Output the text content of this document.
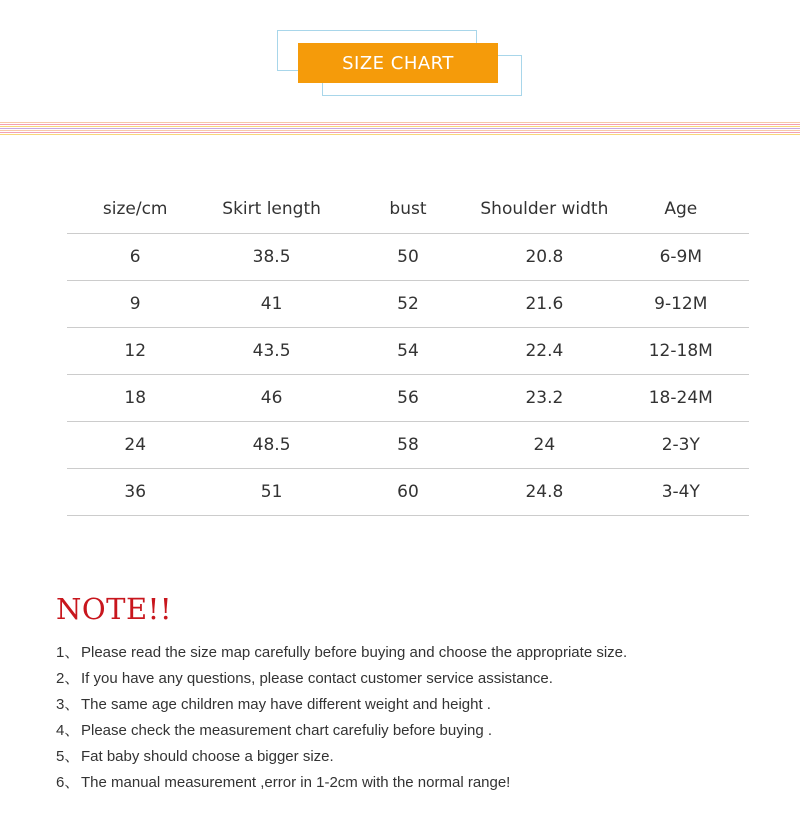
SIZE CHART
size/cm	Skirt length	bust	Shoulder width	Age
6	38.5	50	20.8	6-9M
9	41	52	21.6	9-12M
12	43.5	54	22.4	12-18M
18	46	56	23.2	18-24M
24	48.5	58	24	2-3Y
36	51	60	24.8	3-4Y
NOTE!!
1、 Please read the size map carefully before buying and choose the appropriate size.
2、 If you have any questions, please contact customer service assistance.
3、 The same age children may have different weight and height .
4、 Please check the measurement chart carefuliy before buying .
5、 Fat baby should choose a bigger size.
6、 The manual measurement ,error in 1-2cm with the normal range!
